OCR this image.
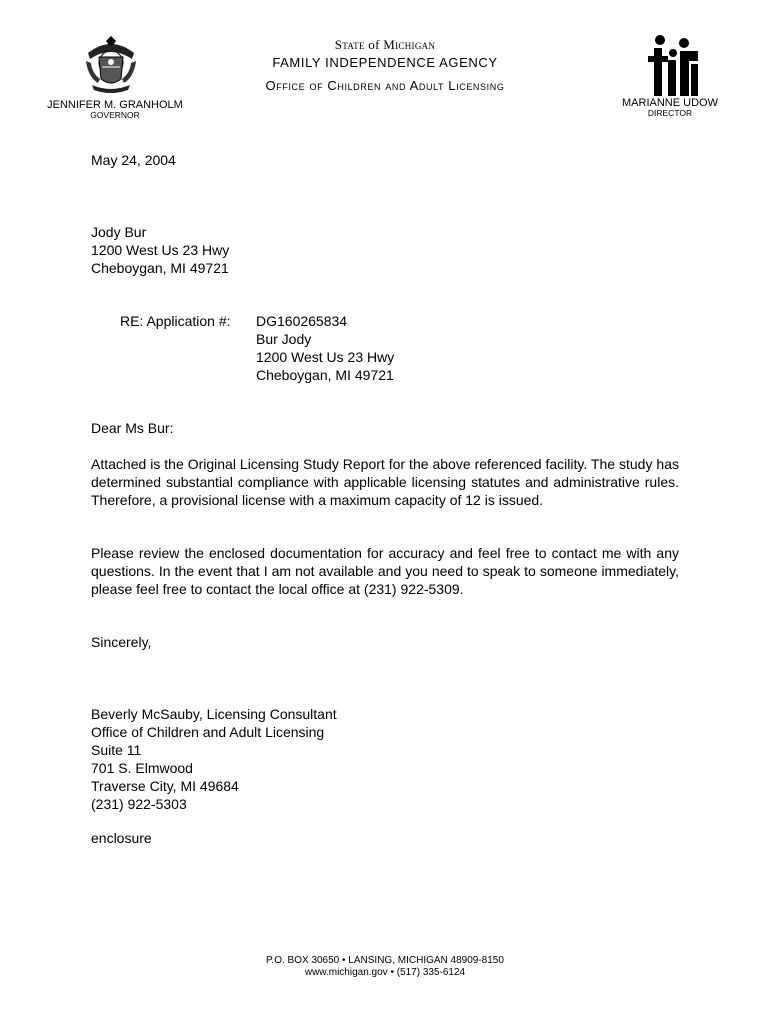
State of Michigan
FAMILY INDEPENDENCE AGENCY
Office of Children and Adult Licensing
JENNIFER M. GRANHOLM
GOVERNOR
MARIANNE UDOW
DIRECTOR
May 24, 2004
Jody Bur
1200 West Us 23 Hwy
Cheboygan, MI 49721
RE: Application #: DG160265834
Bur Jody
1200 West Us 23 Hwy
Cheboygan, MI 49721
Dear Ms Bur:
Attached is the Original Licensing Study Report for the above referenced facility. The study has determined substantial compliance with applicable licensing statutes and administrative rules. Therefore, a provisional license with a maximum capacity of 12 is issued.
Please review the enclosed documentation for accuracy and feel free to contact me with any questions. In the event that I am not available and you need to speak to someone immediately, please feel free to contact the local office at (231) 922-5309.
Sincerely,
Beverly McSauby, Licensing Consultant
Office of Children and Adult Licensing
Suite 11
701 S. Elmwood
Traverse City, MI 49684
(231) 922-5303
enclosure
P.O. BOX 30650 • LANSING, MICHIGAN 48909-8150
www.michigan.gov • (517) 335-6124
